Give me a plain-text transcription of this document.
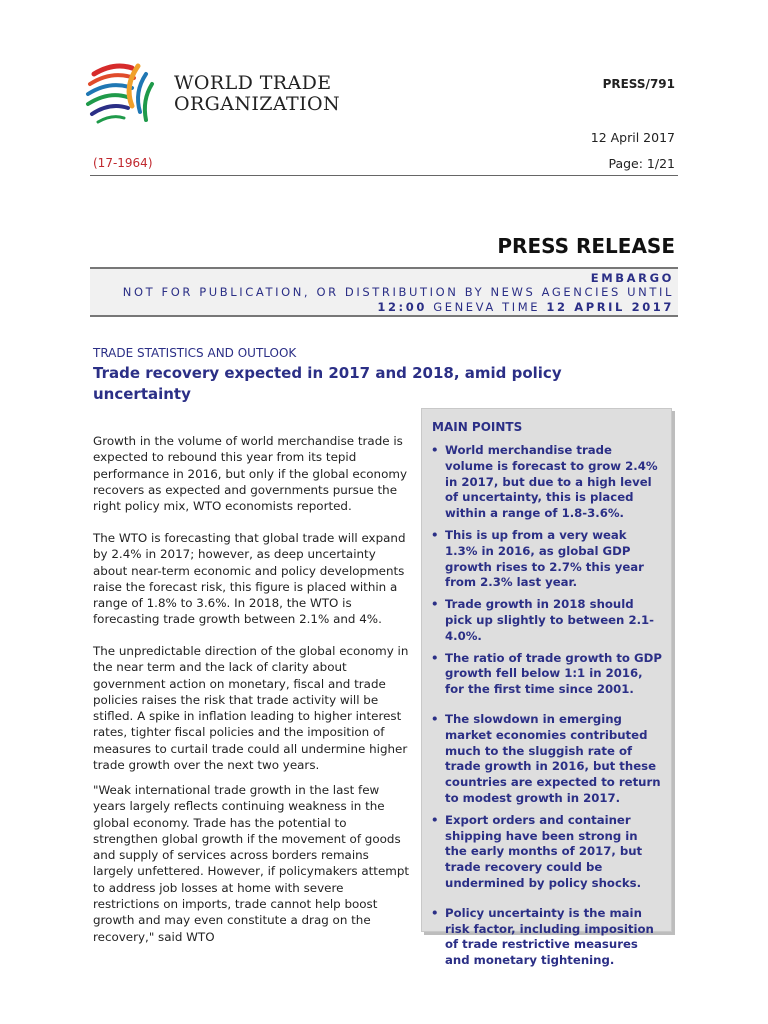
WORLD TRADE
ORGANIZATION
PRESS/791
12 April 2017
(17-1964)	Page: 1/21
PRESS RELEASE
EMBARGO
NOT FOR PUBLICATION, OR DISTRIBUTION BY NEWS AGENCIES UNTIL
12:00 GENEVA TIME 12 APRIL 2017
TRADE STATISTICS AND OUTLOOK
Trade recovery expected in 2017 and 2018, amid policy uncertainty
Growth in the volume of world merchandise trade is expected to rebound this year from its tepid performance in 2016, but only if the global economy recovers as expected and governments pursue the right policy mix, WTO economists reported.
The WTO is forecasting that global trade will expand by 2.4% in 2017; however, as deep uncertainty about near-term economic and policy developments raise the forecast risk, this figure is placed within a range of 1.8% to 3.6%. In 2018, the WTO is forecasting trade growth between 2.1% and 4%.
The unpredictable direction of the global economy in the near term and the lack of clarity about government action on monetary, fiscal and trade policies raises the risk that trade activity will be stifled. A spike in inflation leading to higher interest rates, tighter fiscal policies and the imposition of measures to curtail trade could all undermine higher trade growth over the next two years.
"Weak international trade growth in the last few years largely reflects continuing weakness in the global economy. Trade has the potential to strengthen global growth if the movement of goods and supply of services across borders remains largely unfettered. However, if policymakers attempt to address job losses at home with severe restrictions on imports, trade cannot help boost growth and may even constitute a drag on the recovery," said WTO
MAIN POINTS
• World merchandise trade volume is forecast to grow 2.4% in 2017, but due to a high level of uncertainty, this is placed within a range of 1.8-3.6%.
• This is up from a very weak 1.3% in 2016, as global GDP growth rises to 2.7% this year from 2.3% last year.
• Trade growth in 2018 should pick up slightly to between 2.1-4.0%.
• The ratio of trade growth to GDP growth fell below 1:1 in 2016, for the first time since 2001.
• The slowdown in emerging market economies contributed much to the sluggish rate of trade growth in 2016, but these countries are expected to return to modest growth in 2017.
• Export orders and container shipping have been strong in the early months of 2017, but trade recovery could be undermined by policy shocks.
• Policy uncertainty is the main risk factor, including imposition of trade restrictive measures and monetary tightening.
